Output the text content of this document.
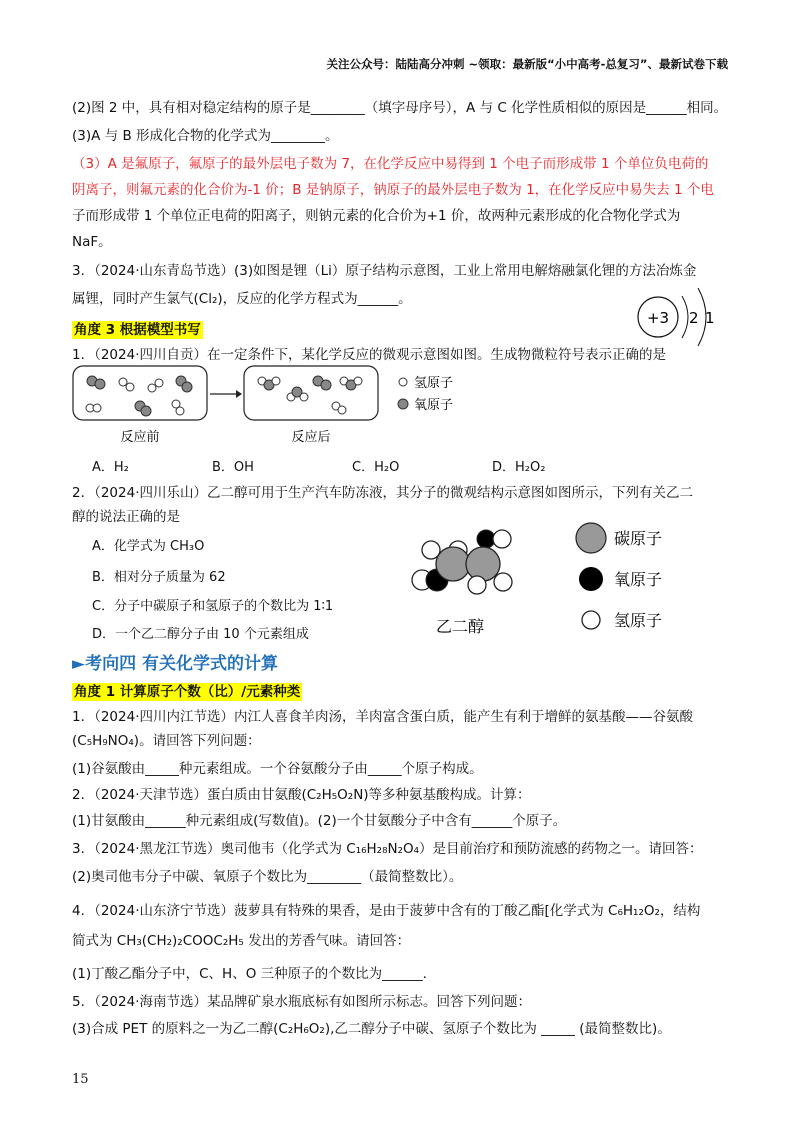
关注公众号：陆陆高分冲刺 ~领取：最新版“小中高考-总复习”、最新试卷下载
(2)图 2 中，具有相对稳定结构的原子是________（填字母序号），A 与 C 化学性质相似的原因是______相同。
(3)A 与 B 形成化合物的化学式为________。
（3）A 是氟原子，氟原子的最外层电子数为 7，在化学反应中易得到 1 个电子而形成带 1 个单位负电荷的
阴离子，则氟元素的化合价为-1 价；B 是钠原子，钠原子的最外层电子数为 1，在化学反应中易失去 1 个电
子而形成带 1 个单位正电荷的阳离子，则钠元素的化合价为+1 价，故两种元素形成的化合物化学式为
NaF。
3．（2024·山东青岛节选）(3)如图是锂（Li）原子结构示意图，工业上常用电解熔融氯化锂的方法冶炼金
属锂，同时产生氯气(Cl₂)，反应的化学方程式为______。
+3 2 1
角度 3 根据模型书写
1．（2024·四川自贡）在一定条件下，某化学反应的微观示意图如图。生成物微粒符号表示正确的是
反应前	反应后
氢原子
氧原子
A．H₂	B．OH	C．H₂O	D．H₂O₂
2．（2024·四川乐山）乙二醇可用于生产汽车防冻液，其分子的微观结构示意图如图所示，下列有关乙二
醇的说法正确的是
A．化学式为 CH₃O
B．相对分子质量为 62
C．分子中碳原子和氢原子的个数比为 1∶1
D．一个乙二醇分子由 10 个元素组成	乙二醇
碳原子
氧原子
氢原子
►考向四 有关化学式的计算
角度 1 计算原子个数（比）/元素种类
1．（2024·四川内江节选）内江人喜食羊肉汤，羊肉富含蛋白质，能产生有利于增鲜的氨基酸——谷氨酸
(C₅H₉NO₄)。请回答下列问题：
(1)谷氨酸由_____种元素组成。一个谷氨酸分子由_____个原子构成。
2．（2024·天津节选）蛋白质由甘氨酸(C₂H₅O₂N)等多种氨基酸构成。计算：
(1)甘氨酸由______种元素组成(写数值)。(2)一个甘氨酸分子中含有______个原子。
3．（2024·黑龙江节选）奥司他韦（化学式为 C₁₆H₂₈N₂O₄）是目前治疗和预防流感的药物之一。请回答：
(2)奥司他韦分子中碳、氧原子个数比为________（最简整数比）。
4．（2024·山东济宁节选）菠萝具有特殊的果香，是由于菠萝中含有的丁酸乙酯[化学式为 C₆H₁₂O₂，结构
简式为 CH₃(CH₂)₂COOC₂H₅ 发出的芳香气味。请回答：
(1)丁酸乙酯分子中，C、H、O 三种原子的个数比为______.
5．（2024·海南节选）某品牌矿泉水瓶底标有如图所示标志。回答下列问题：
(3)合成 PET 的原料之一为乙二醇(C₂H₆O₂),乙二醇分子中碳、氢原子个数比为 _____ (最简整数比)。
15
